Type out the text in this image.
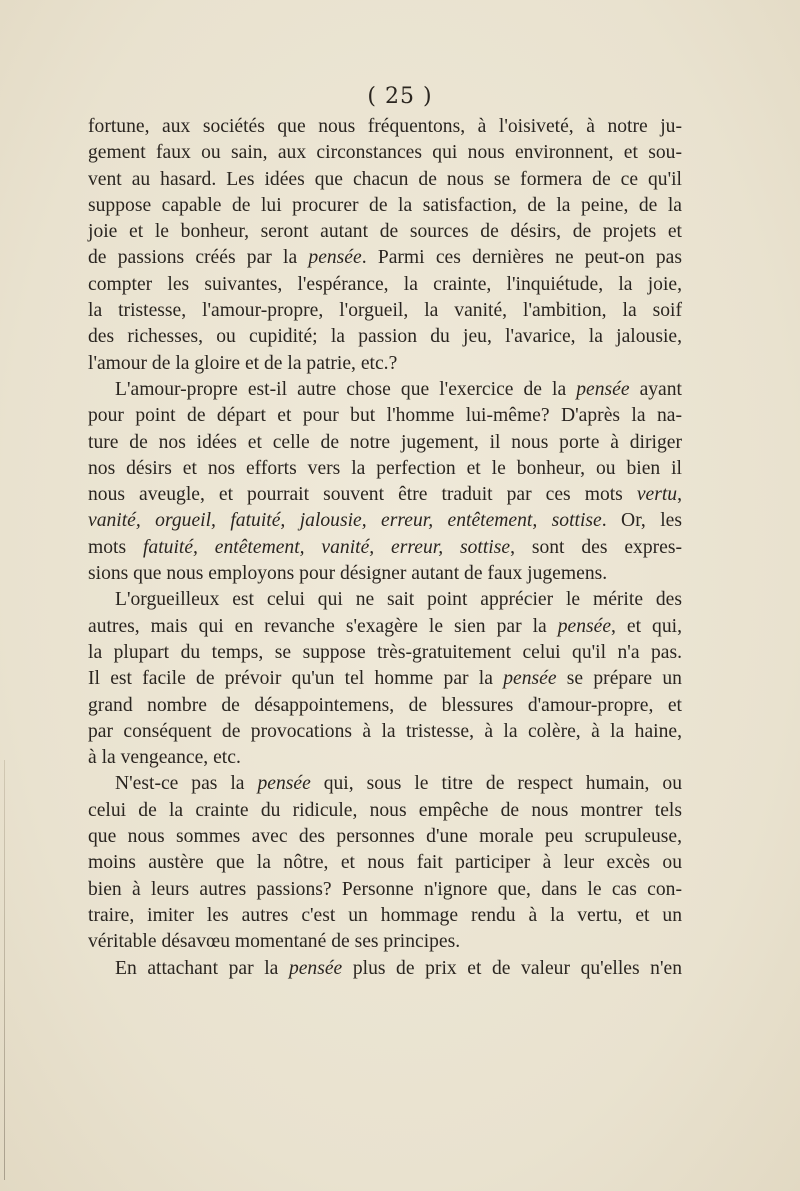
( 25 )
fortune, aux sociétés que nous fréquentons, à l'oisiveté, à notre ju-
gement faux ou sain, aux circonstances qui nous environnent, et sou-
vent au hasard. Les idées que chacun de nous se formera de ce qu'il
suppose capable de lui procurer de la satisfaction, de la peine, de la
joie et le bonheur, seront autant de sources de désirs, de projets et
de passions créés par la pensée. Parmi ces dernières ne peut-on pas
compter les suivantes, l'espérance, la crainte, l'inquiétude, la joie,
la tristesse, l'amour-propre, l'orgueil, la vanité, l'ambition, la soif
des richesses, ou cupidité; la passion du jeu, l'avarice, la jalousie,
l'amour de la gloire et de la patrie, etc.?
L'amour-propre est-il autre chose que l'exercice de la pensée ayant
pour point de départ et pour but l'homme lui-même? D'après la na-
ture de nos idées et celle de notre jugement, il nous porte à diriger
nos désirs et nos efforts vers la perfection et le bonheur, ou bien il
nous aveugle, et pourrait souvent être traduit par ces mots vertu,
vanité, orgueil, fatuité, jalousie, erreur, entêtement, sottise. Or, les
mots fatuité, entêtement, vanité, erreur, sottise, sont des expres-
sions que nous employons pour désigner autant de faux jugemens.
L'orgueilleux est celui qui ne sait point apprécier le mérite des
autres, mais qui en revanche s'exagère le sien par la pensée, et qui,
la plupart du temps, se suppose très-gratuitement celui qu'il n'a pas.
Il est facile de prévoir qu'un tel homme par la pensée se prépare un
grand nombre de désappointemens, de blessures d'amour-propre, et
par conséquent de provocations à la tristesse, à la colère, à la haine,
à la vengeance, etc.
N'est-ce pas la pensée qui, sous le titre de respect humain, ou
celui de la crainte du ridicule, nous empêche de nous montrer tels
que nous sommes avec des personnes d'une morale peu scrupuleuse,
moins austère que la nôtre, et nous fait participer à leur excès ou
bien à leurs autres passions? Personne n'ignore que, dans le cas con-
traire, imiter les autres c'est un hommage rendu à la vertu, et un
véritable désavœu momentané de ses principes.
En attachant par la pensée plus de prix et de valeur qu'elles n'en
